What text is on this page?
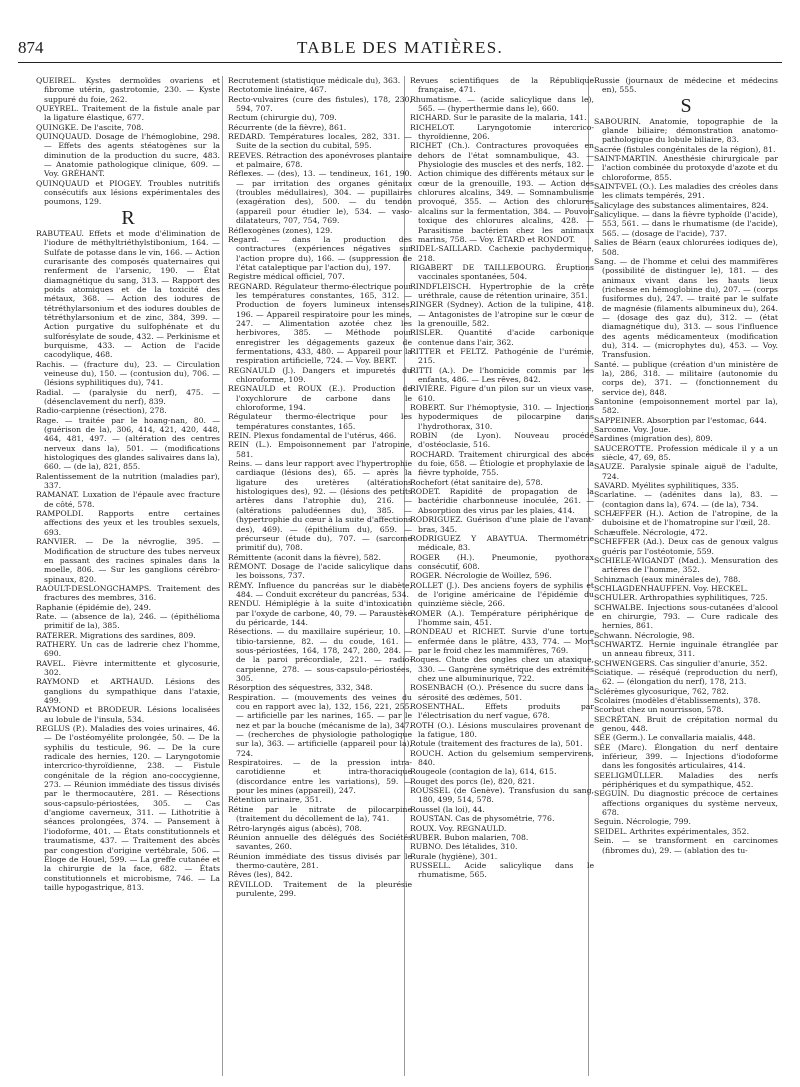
874	TABLE DES MATIÈRES.

QUEIREL. Kystes dermoïdes ovariens et fibrome utérin, gastrotomie, 230. — Kyste suppuré du foie, 262.

QUEYREL. Traitement de la fistule anale par la ligature élastique, 677.

QUINGKE. De l'ascite, 708.

QUINQUAUD. Dosage de l'hémoglobine, 298. — Effets des agents stéatogènes sur la diminution de la production du sucre, 483. — Anatomie pathologique clinique, 609. — Voy. GRÉHANT.

QUINQUAUD et PIOGEY. Troubles nutritifs consécutifs aux lésions expérimentales des poumons, 129.

R

RABUTEAU. Effets et mode d'élimination de l'iodure de méthyltriéthylstibonium, 164. — Sulfate de potasse dans le vin, 166. — Action curarisante des composés quaternaires qui renferment de l'arsenic, 190. — État diamagnétique du sang, 313. — Rapport des poids atomiques et de la toxicité des métaux, 368. — Action des iodures de tétréthylarsonium et des iodures doubles de tétréthylarsonium et de zinc, 384, 399. — Action purgative du sulfophénate et du sulforésylate de soude, 432. — Perkinisme et burquisme, 433. — Action de l'acide cacodylique, 468.

Rachis. — (fracture du), 23. — Circulation veineuse du), 150. — (contusion du), 706. — (lésions syphilitiques du), 741.

Radial. — (paralysie du nerf), 475. — (désenclavement du nerf), 839.

Radio-carpienne (résection), 278.

Rage. — traitée par le hoang-nan, 80. — (guérison de la), 306, 414, 421, 420, 448, 464, 481, 497. — (altération des centres nerveux dans la), 501. — (modifications histologiques des glandes salivaires dans la), 660. — (de la), 821, 855.

Ralentissement de la nutrition (maladies par), 337.

RAMANAT. Luxation de l'épaule avec fracture de côté, 578.

RAMPOLDI. Rapports entre certaines affections des yeux et les troubles sexuels, 693.

RANVIER. — De la névroglie, 395. — Modification de structure des tubes nerveux en passant des racines spinales dans la moelle, 806. — Sur les ganglions cérébro-spinaux, 820.

RAOULT-DESLONGCHAMPS. Traitement des fractures des membres, 316.

Raphanie (épidémie de), 249.

Rate. — (absence de la), 246. — (épithélioma primitif de la), 385.

RATERER. Migrations des sardines, 809.

RATHERY. Un cas de ladrerie chez l'homme, 690.

RAVEL. Fièvre intermittente et glycosurie, 302.

RAYMOND et ARTHAUD. Lésions des ganglions du sympathique dans l'ataxie, 499.

RAYMOND et BRODEUR. Lésions localisées au lobule de l'insula, 534.

REGLUS (P.). Maladies des voies urinaires, 46. — De l'ostéomyélite prolongée, 50. — De la syphilis du testicule, 96. — De la cure radicale des hernies, 120. — Laryngotomie intercrico-thyroïdienne, 238. — Fistule congénitale de la région ano-coccygienne, 273. — Réunion immédiate des tissus divisés par le thermocautère, 281. — Résections sous-capsulo-périostées, 305. — Cas d'angiome caverneux, 311. — Lithotritie à séances prolongées, 374. — Pansement à l'iodoforme, 401. — États constitutionnels et traumatisme, 437. — Traitement des abcès par congestion d'origine vertébrale, 506. — Éloge de Houel, 599. — La greffe cutanée et la chirurgie de la face, 682. — États constitutionnels et microbisme, 746. — La taille hypogastrique, 813.

Recrutement (statistique médicale du), 363.

Rectotomie linéaire, 467.

Recto-vulvaires (cure des fistules), 178, 230, 594, 707.

Rectum (chirurgie du), 709.

Récurrente (de la fièvre), 861.

REDARD. Températures locales, 282, 331. — Suite de la section du cubital, 595.

REEVES. Rétraction des aponévroses plantaire et palmaire, 678.

Réflexes. — (des), 13. — tendineux, 161, 190. — par irritation des organes génitaux (troubles médullaires), 304. — pupillaires (exagération des), 500. — du tendon (appareil pour étudier le), 534. — vaso-dilatateurs, 707, 754, 769.

Réflexogènes (zones), 129.

Regard. — dans la production des contractures (expériences négatives sur l'action propre du), 166. — (suppression de l'état cataleptique par l'action du), 197.

Registre médical officiel, 707.

REGNARD. Régulateur thermo-électrique pour les températures constantes, 165, 312. — Production de foyers lumineux intenses, 196. — Appareil respiratoire pour les mines, 247. — Alimentation azotée chez les herbivores, 385. — Méthode pour enregistrer les dégagements gazeux de fermentations, 433, 480. — Appareil pour la respiration artificielle, 724. — Voy. BERT.

REGNAULD (J.). Dangers et impuretés du chloroforme, 109.

REGNAULD et ROUX (E.). Production de l'oxychlorure de carbone dans le chloroforme, 194.

Régulateur thermo-électrique pour les températures constantes, 165.

REIN. Plexus fondamental de l'utérus, 466.

REIN (L.). Empoisonnement par l'atropine, 581.

Reins. — dans leur rapport avec l'hypertrophie cardiaque (lésions des), 65. — après la ligature des uretères (altérations histologiques des), 92. — (lésions des petits artères dans l'atrophie du), 216. — (altérations paludéennes du), 385. — (hypertrophie du cœur à la suite d'affections des), 469). — (épithélium du), 659. — précurseur (étude du), 707. — (sarcome primitif du), 708.

Rémittente (aconit dans la fièvre), 582.

RÉMONT. Dosage de l'acide salicylique dans les boissons, 737.

RÉMY. Influence du pancréas sur le diabète, 484. — Conduit excréteur du pancréas, 534.

RENDU. Hémiplégie à la suite d'intoxication par l'oxyde de carbone, 40, 79. — Paraustèse du péricarde, 144.

Résections. — du maxillaire supérieur, 10. — tibio-tarsienne, 82. — du coude, 161. — sous-périostées, 164, 178, 247, 280, 284. — de la paroi précordiale, 221. — radio-carpienne, 278. — sous-capsulo-périostées, 305.

Résorption des séquestres, 332, 348.

Respiration. — (mouvements des veines du cou en rapport avec la), 132, 156, 221, 255. — artificielle par les narines, 165. — par le nez et par la bouche (mécanisme de la), 347. — (recherches de physiologie pathologique sur la), 363. — artificielle (appareil pour la), 724.

Respiratoires. — de la pression intra-carotidienne et intra-thoracique (discordance entre les variations), 59. — pour les mines (appareil), 247.

Rétention urinaire, 351.

Rétine par le nitrate de pilocarpine (traitement du décollement de la), 741.

Rétro-laryngés aigus (abcès), 708.

Réunion annuelle des délégués des Sociétés savantes, 260.

Réunion immédiate des tissus divisés par le thermo-cautère, 281.

Rêves (les), 842.

RÉVILLOD. Traitement de la pleurésie purulente, 299.

Revues scientifiques de la République française, 471.

Rhumatisme. — (acide salicylique dans le), 565. — (hyperthermie dans le), 660.

RICHARD. Sur le parasite de la malaria, 141.

RICHELOT. Laryngotomie intercrico-thyroïdienne, 206.

RICHET (Ch.). Contractures provoquées en dehors de l'état somnambulique, 43. — Physiologie des muscles et des nerfs, 182. — Action chimique des différents métaux sur le cœur de la grenouille, 193. — Action des chlorures alcalins, 349. — Somnambulisme provoqué, 355. — Action des chlorures alcalins sur la fermentation, 384. — Pouvoir toxique des chlorures alcalins, 428. — Parasitisme bactérien chez les animaux marins, 758. — Voy. ÉTARD et RONDOT.

RIDEL-SAILLARD. Cachexie pachydermique, 218.

RIGABERT DE TAILLEBOURG. Éruptions vaccinales spontanées, 504.

RINDFLEISCH. Hypertrophie de la crête uréthrale, cause de rétention urinaire, 351.

RINGER (Sydney). Action de la tulipine, 418. — Antagonistes de l'atropine sur le cœur de la grenouille, 582.

RISLER. Quantité d'acide carbonique contenue dans l'air, 362.

RITTER et FELTZ. Pathogénie de l'urémie, 215.

RITTI (A.). De l'homicide commis par les enfants, 486. — Les rêves, 842.

RIVIÈRE. Figure d'un pilon sur un vieux vase, 610.

ROBERT. Sur l'hémoptysie, 310. — Injections hypodermiques de pilocarpine dans l'hydrothorax, 310.

ROBIN (de Lyon). Nouveau procédé d'ostéoclasie, 516.

ROCHARD. Traitement chirurgical des abcès du foie, 658. — Étiologie et prophylaxie de la fièvre typhoïde, 755.

Rochefort (état sanitaire de), 578.

RODET. Rapidité de propagation de la bactéridie charbonneuse inoculée, 261. — Absorption des virus par les plaies, 414.

RODRIGUEZ. Guérison d'une plaie de l'avant-bras, 345.

RODRIGUEZ Y ABAYTUA. Thermométrie médicale, 83.

ROGER (H.). Pneumonie, pyothorax consécutif, 608.

ROGER. Nécrologie de Woillez, 596.

ROLLET (J.). Des anciens foyers de syphilis et de l'origine américaine de l'épidémie du quinzième siècle, 266.

ROMER (A.). Température périphérique de l'homme sain, 451.

RONDEAU et RICHET. Survie d'une tortue enfermée dans le plâtre, 433, 774. — Mort par le froid chez les mammifères, 769.

Roques. Chute des ongles chez un ataxique, 330. — Gangrène symétrique des extrémités chez une albuminurique, 722.

ROSENBACH (O.). Présence du sucre dans la sérosité des œdèmes, 501.

ROSENTHAL. Effets produits par l'électrisation du nerf vague, 678.

ROTH (O.). Lésions musculaires provenant de la fatigue, 180.

Rotule (traitement des fractures de la), 501.

ROUCH. Action du gelsemium sempervirens, 840.

Rougeole (contagion de la), 614, 615.

Rouget des porcs (le), 820, 821.

ROUSSEL (de Genève). Transfusion du sang, 180, 499, 514, 578.

Roussel (la loi), 44.

ROUSTAN. Cas de physométrie, 776.

ROUX. Voy. REGNAULD.

RUBER. Bubon malarien, 708.

RUBNO. Des létalides, 310.

Rurale (hygiène), 301.

RUSSELL. Acide salicylique dans le rhumatisme, 565.

Russie (journaux de médecine et médecins en), 555.

S

SABOURIN. Anatomie, topographie de la glande biliaire; démonstration anatomo-pathologique du lobule biliaire, 83.

Sacrée (fistules congénitales de la région), 81.

SAINT-MARTIN. Anesthésie chirurgicale par l'action combinée du protoxyde d'azote et du chloroforme, 855.

SAINT-VEL (O.). Les maladies des créoles dans les climats tempérés, 291.

Salicylage des substances alimentaires, 824.

Salicylique. — dans la fièvre typhoïde (l'acide), 553, 561. — dans le rhumatisme (de l'acide), 565. — (dosage de l'acide), 737.

Salies de Béarn (eaux chlorurées iodiques de), 508.

Sang. — de l'homme et celui des mammifères (possibilité de distinguer le), 181. — des animaux vivant dans les hauts lieux (richesse en hémoglobine du), 207. — (corps fusiformes du), 247. — traité par le sulfate de magnésie (filaments albumineux du), 264. — (dosage des gaz du), 312. — (état diamagnétique du), 313. — sous l'influence des agents médicamenteux (modification du), 314. — (microphytes du), 453. — Voy. Transfusion.

Santé. — publique (création d'un ministère de la), 286, 318. — militaire (autonomie du corps de), 371. — (fonctionnement du service de), 848.

Santonine (empoisonnement mortel par la), 582.

SAPPEINER. Absorption par l'estomac, 644.

Sarcome. Voy. Joue.

Sardines (migration des), 809.

SAUCEROTTE. Profession médicale il y a un siècle, 47, 69, 85.

SAUZE. Paralysie spinale aiguë de l'adulte, 724.

SAVARD. Myélites syphilitiques, 335.

Scarlatine. — (adénites dans la), 83. — (contagion dans la), 674. — (de la), 734.

SCHÆFFER (H.). Action de l'atropine, de la duboisine et de l'homatropine sur l'œil, 28.

Schæuffele. Nécrologie, 472.

SCHEFFER (Ad.). Deux cas de genoux valgus guéris par l'ostéotomie, 559.

SCHIELE-WIGANDT (Mad.). Mensuration des artères de l'homme, 352.

Schinznach (eaux minérales de), 788.

SCHLAGDENHAUFFEN. Voy. HECKEL.

SCHULER. Arthropathies syphilitiques, 725.

SCHWALBE. Injections sous-cutanées d'alcool en chirurgie, 793. — Cure radicale des hernies, 861.

Schwann. Nécrologie, 98.

SCHWARTZ. Hernie inguinale étranglée par un anneau fibreux, 311.

SCHWENGERS. Cas singulier d'anurie, 352.

Sciatique. — réséqué (reproduction du nerf), 62. — (élongation du nerf), 178, 213.

Sclérèmes glycosurique, 762, 782.

Scolaires (modèles d'établissements), 378.

Scorbut chez un nourrisson, 578.

SECRÉTAN. Bruit de crépitation normal du genou, 448.

SÉE (Germ.). Le convallaria maialis, 448.

SÉE (Marc). Élongation du nerf dentaire inférieur, 399. — Injections d'iodoforme dans les fongosités articulaires, 414.

SEELIGMÜLLER. Maladies des nerfs périphériques et du sympathique, 452.

SEGUIN. Du diagnostic précoce de certaines affections organiques du système nerveux, 678.

Seguin. Nécrologie, 799.

SEIDEL. Arthrites expérimentales, 352.

Sein. — se transforment en carcinomes (fibromes du), 29. — (ablation des tu-
